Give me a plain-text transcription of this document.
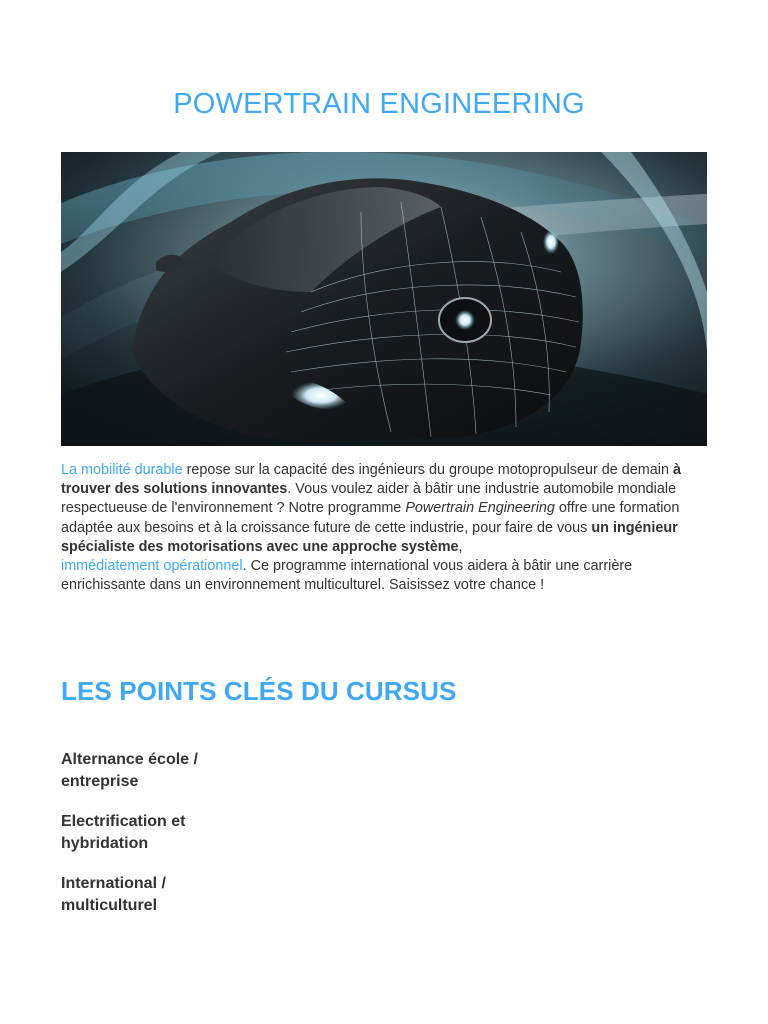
POWERTRAIN ENGINEERING

La mobilité durable repose sur la capacité des ingénieurs du groupe motopropulseur de demain à trouver des solutions innovantes. Vous voulez aider à bâtir une industrie automobile mondiale respectueuse de l'environnement ? Notre programme Powertrain Engineering offre une formation adaptée aux besoins et à la croissance future de cette industrie, pour faire de vous un ingénieur spécialiste des motorisations avec une approche système,
immédiatement opérationnel. Ce programme international vous aidera à bâtir une carrière enrichissante dans un environnement multiculturel. Saisissez votre chance !

LES POINTS CLÉS DU CURSUS
Alternance école / entreprise
Electrification et hybridation
International / multiculturel
